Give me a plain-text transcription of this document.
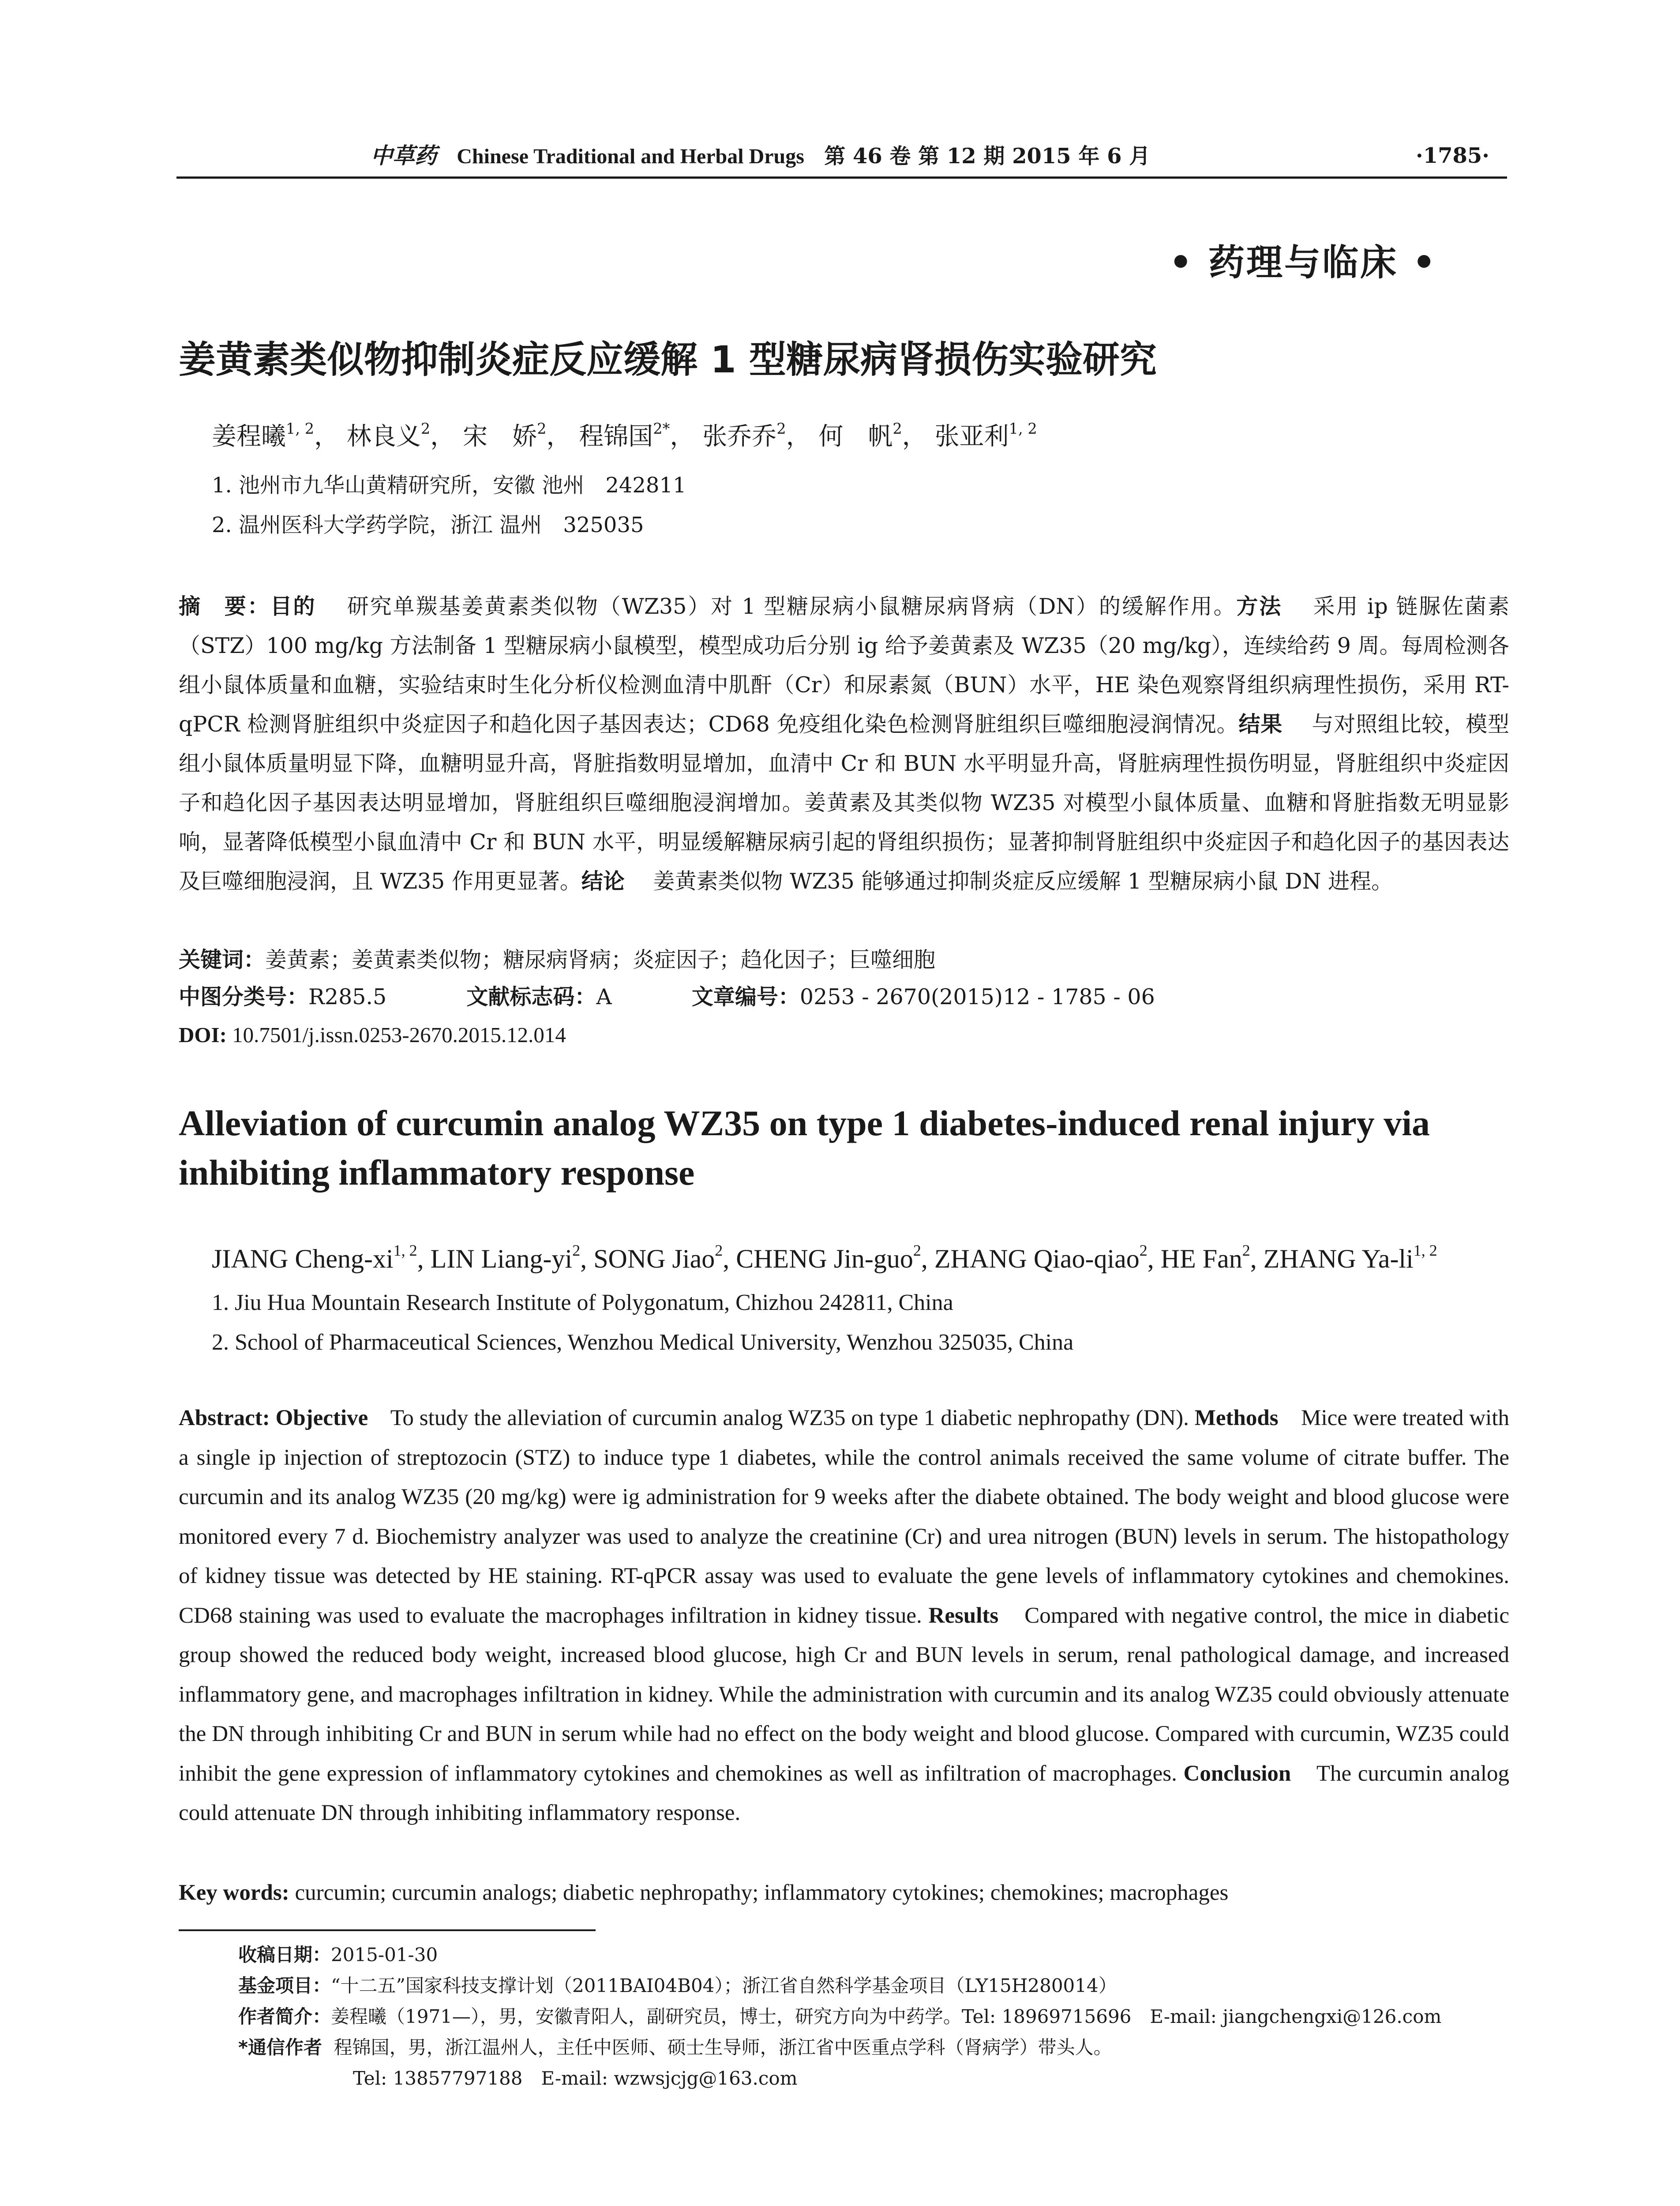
中草药 Chinese Traditional and Herbal Drugs 第 46 卷 第 12 期 2015 年 6 月	·1785·
• 药理与临床 •
姜黄素类似物抑制炎症反应缓解 1 型糖尿病肾损伤实验研究
姜程曦$^{1, 2}$， 林良义$^2$， 宋　娇$^2$， 程锦国$^{2*}$， 张乔乔$^2$， 何　帆$^2$， 张亚利$^{1, 2}$
1. 池州市九华山黄精研究所，安徽 池州　242811
2. 温州医科大学药学院，浙江 温州　325035
摘　要：目的　 研究单羰基姜黄素类似物（WZ35）对 1 型糖尿病小鼠糖尿病肾病（DN）的缓解作用。方法　 采用 ip 链脲佐菌素（STZ）100 mg/kg 方法制备 1 型糖尿病小鼠模型，模型成功后分别 ig 给予姜黄素及 WZ35（20 mg/kg），连续给药 9 周。每周检测各组小鼠体质量和血糖，实验结束时生化分析仪检测血清中肌酐（Cr）和尿素氮（BUN）水平，HE 染色观察肾组织病理性损伤，采用 RT-qPCR 检测肾脏组织中炎症因子和趋化因子基因表达；CD68 免疫组化染色检测肾脏组织巨噬细胞浸润情况。结果　 与对照组比较，模型组小鼠体质量明显下降，血糖明显升高，肾脏指数明显增加，血清中 Cr 和 BUN 水平明显升高，肾脏病理性损伤明显，肾脏组织中炎症因子和趋化因子基因表达明显增加，肾脏组织巨噬细胞浸润增加。姜黄素及其类似物 WZ35 对模型小鼠体质量、血糖和肾脏指数无明显影响，显著降低模型小鼠血清中 Cr 和 BUN 水平，明显缓解糖尿病引起的肾组织损伤；显著抑制肾脏组织中炎症因子和趋化因子的基因表达及巨噬细胞浸润，且 WZ35 作用更显著。结论　 姜黄素类似物 WZ35 能够通过抑制炎症反应缓解 1 型糖尿病小鼠 DN 进程。
关键词：姜黄素；姜黄素类似物；糖尿病肾病；炎症因子；趋化因子；巨噬细胞
中图分类号：R285.5	文献标志码：A	文章编号：0253 - 2670(2015)12 - 1785 - 06
DOI: 10.7501/j.issn.0253-2670.2015.12.014
Alleviation of curcumin analog WZ35 on type 1 diabetes-induced renal injury via inhibiting inflammatory response
JIANG Cheng-xi$^{1, 2}$, LIN Liang-$yi^2$, SONG Jiao$^2$, CHENG Jin-guo$^2$, ZHANG Qiao-qiao$^2$, HE Fan$^2$, ZHANG Ya-li$^{1, 2}$
1. Jiu Hua Mountain Research Institute of Polygonatum, Chizhou 242811, China
2. School of Pharmaceutical Sciences, Wenzhou Medical University, Wenzhou 325035, China
Abstract: Objective To study the alleviation of curcumin analog WZ35 on type 1 diabetic nephropathy (DN). Methods Mice were treated with a single ip injection of streptozocin (STZ) to induce type 1 diabetes, while the control animals received the same volume of citrate buffer. The curcumin and its analog WZ35 (20 mg/kg) were ig administration for 9 weeks after the diabete obtained. The body weight and blood glucose were monitored every 7 d. Biochemistry analyzer was used to analyze the creatinine (Cr) and urea nitrogen (BUN) levels in serum. The histopathology of kidney tissue was detected by HE staining. RT-qPCR assay was used to evaluate the gene levels of inflammatory cytokines and chemokines. CD68 staining was used to evaluate the macrophages infiltration in kidney tissue. Results Compared with negative control, the mice in diabetic group showed the reduced body weight, increased blood glucose, high Cr and BUN levels in serum, renal pathological damage, and increased inflammatory gene, and macrophages infiltration in kidney. While the administration with curcumin and its analog WZ35 could obviously attenuate the DN through inhibiting Cr and BUN in serum while had no effect on the body weight and blood glucose. Compared with curcumin, WZ35 could inhibit the gene expression of inflammatory cytokines and chemokines as well as infiltration of macrophages. Conclusion The curcumin analog could attenuate DN through inhibiting inflammatory response.
Key words: curcumin; curcumin analogs; diabetic nephropathy; inflammatory cytokines; chemokines; macrophages
收稿日期：2015-01-30
基金项目：“十二五”国家科技支撑计划（2011BAI04B04）；浙江省自然科学基金项目（LY15H280014）
作者简介：姜程曦（1971—），男，安徽青阳人，副研究员，博士，研究方向为中药学。Tel: 18969715696　E-mail: jiangchengxi@126.com
*通信作者 程锦国，男，浙江温州人，主任中医师、硕士生导师，浙江省中医重点学科（肾病学）带头人。
Tel: 13857797188　E-mail: wzwsjcjg@163.com
